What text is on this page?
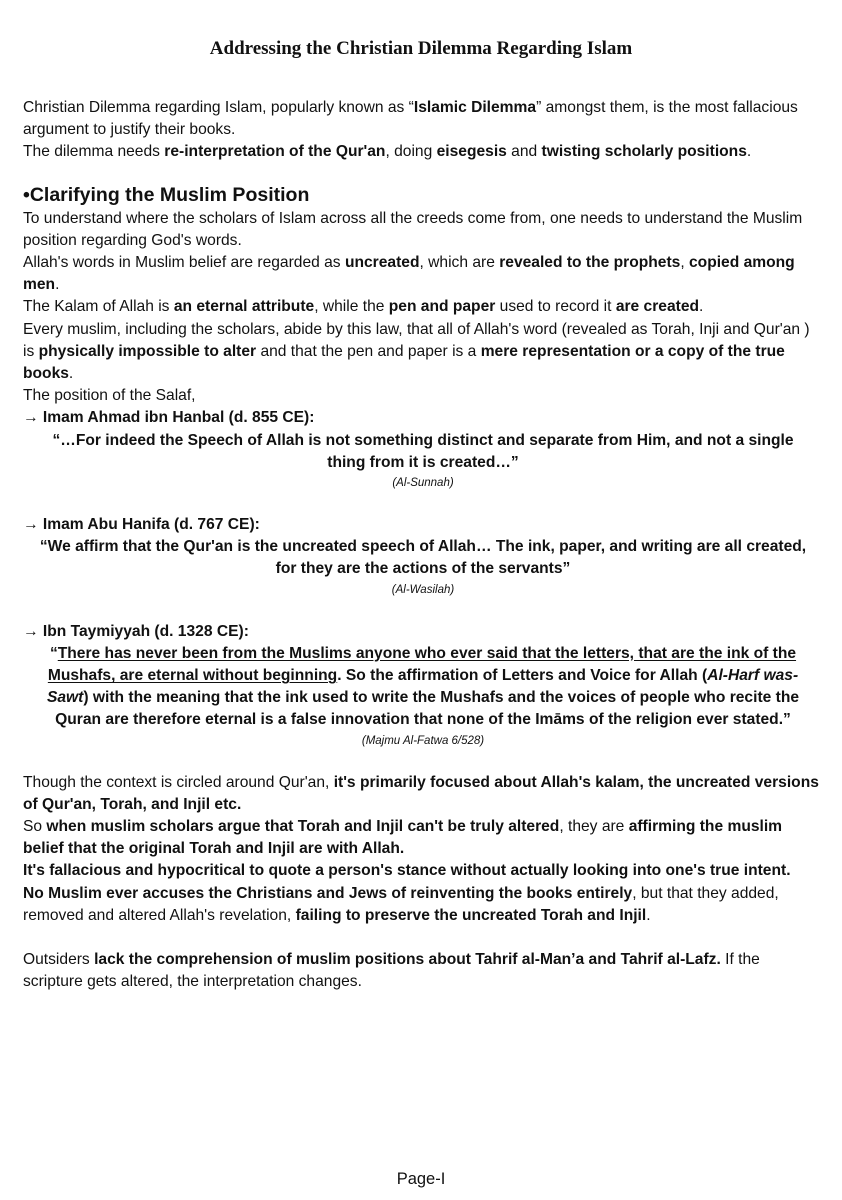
Addressing the Christian Dilemma Regarding Islam

Christian Dilemma regarding Islam, popularly known as “Islamic Dilemma” amongst them, is the most fallacious argument to justify their books.

The dilemma needs re-interpretation of the Qur'an, doing eisegesis and twisting scholarly positions.

•Clarifying the Muslim Position

To understand where the scholars of Islam across all the creeds come from, one needs to understand the Muslim position regarding God's words.

Allah's words in Muslim belief are regarded as uncreated, which are revealed to the prophets, copied among men.

The Kalam of Allah is an eternal attribute, while the pen and paper used to record it are created.

Every muslim, including the scholars, abide by this law, that all of Allah's word (revealed as Torah, Inji and Qur'an ) is physically impossible to alter and that the pen and paper is a mere representation or a copy of the true books.

The position of the Salaf,

→ Imam Ahmad ibn Hanbal (d. 855 CE):

“…For indeed the Speech of Allah is not something distinct and separate from Him, and not a single thing from it is created…”

(Al-Sunnah)

→ Imam Abu Hanifa (d. 767 CE):

“We affirm that the Qur'an is the uncreated speech of Allah… The ink, paper, and writing are all created, for they are the actions of the servants”

(Al-Wasilah)

→ Ibn Taymiyyah (d. 1328 CE):

“There has never been from the Muslims anyone who ever said that the letters, that are the ink of the Mushafs, are eternal without beginning. So the affirmation of Letters and Voice for Allah (Al-Harf was-Sawt) with the meaning that the ink used to write the Mushafs and the voices of people who recite the Quran are therefore eternal is a false innovation that none of the Imāms of the religion ever stated.”

(Majmu Al-Fatwa 6/528)

Though the context is circled around Qur'an, it's primarily focused about Allah's kalam, the uncreated versions of Qur'an, Torah, and Injil etc.

So when muslim scholars argue that Torah and Injil can't be truly altered, they are affirming the muslim belief that the original Torah and Injil are with Allah.

It's fallacious and hypocritical to quote a person's stance without actually looking into one's true intent.

No Muslim ever accuses the Christians and Jews of reinventing the books entirely, but that they added, removed and altered Allah's revelation, failing to preserve the uncreated Torah and Injil.

Outsiders lack the comprehension of muslim positions about Tahrif al-Man’a and Tahrif al-Lafz. If the scripture gets altered, the interpretation changes.

Page-I
